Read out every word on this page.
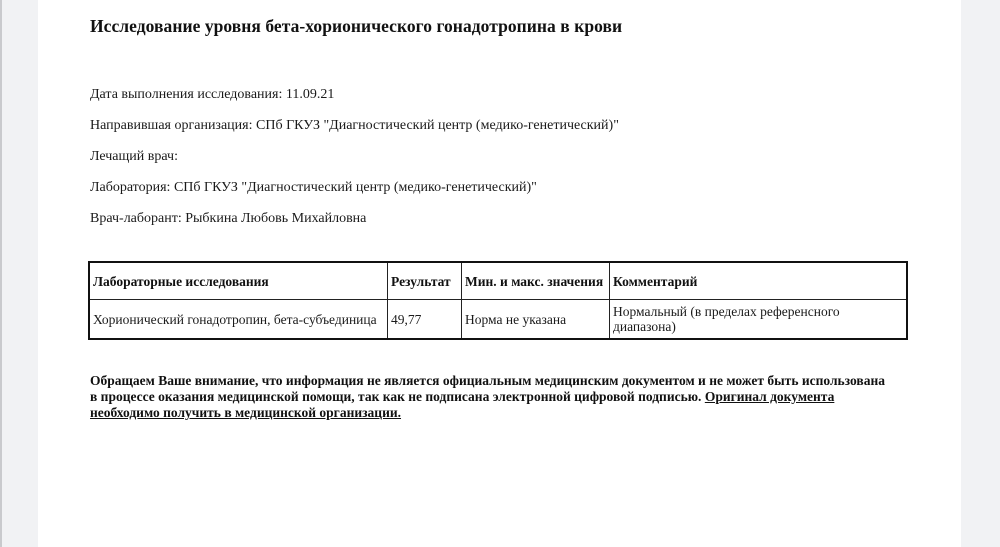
Исследование уровня бета-хорионического гонадотропина в крови
Дата выполнения исследования: 11.09.21
Направившая организация: СПб ГКУЗ "Диагностический центр (медико-генетический)"
Лечащий врач:
Лаборатория: СПб ГКУЗ "Диагностический центр (медико-генетический)"
Врач-лаборант: Рыбкина Любовь Михайловна
Лабораторные исследования	Результат	Мин. и макс. значения	Комментарий
Хорионический гонадотропин, бета-субъединица	49,77	Норма не указана	Нормальный (в пределах референсного диапазона)
Обращаем Ваше внимание, что информация не является официальным медицинским документом и не может быть использована в процессе оказания медицинской помощи, так как не подписана электронной цифровой подписью. Оригинал документа необходимо получить в медицинской организации.
